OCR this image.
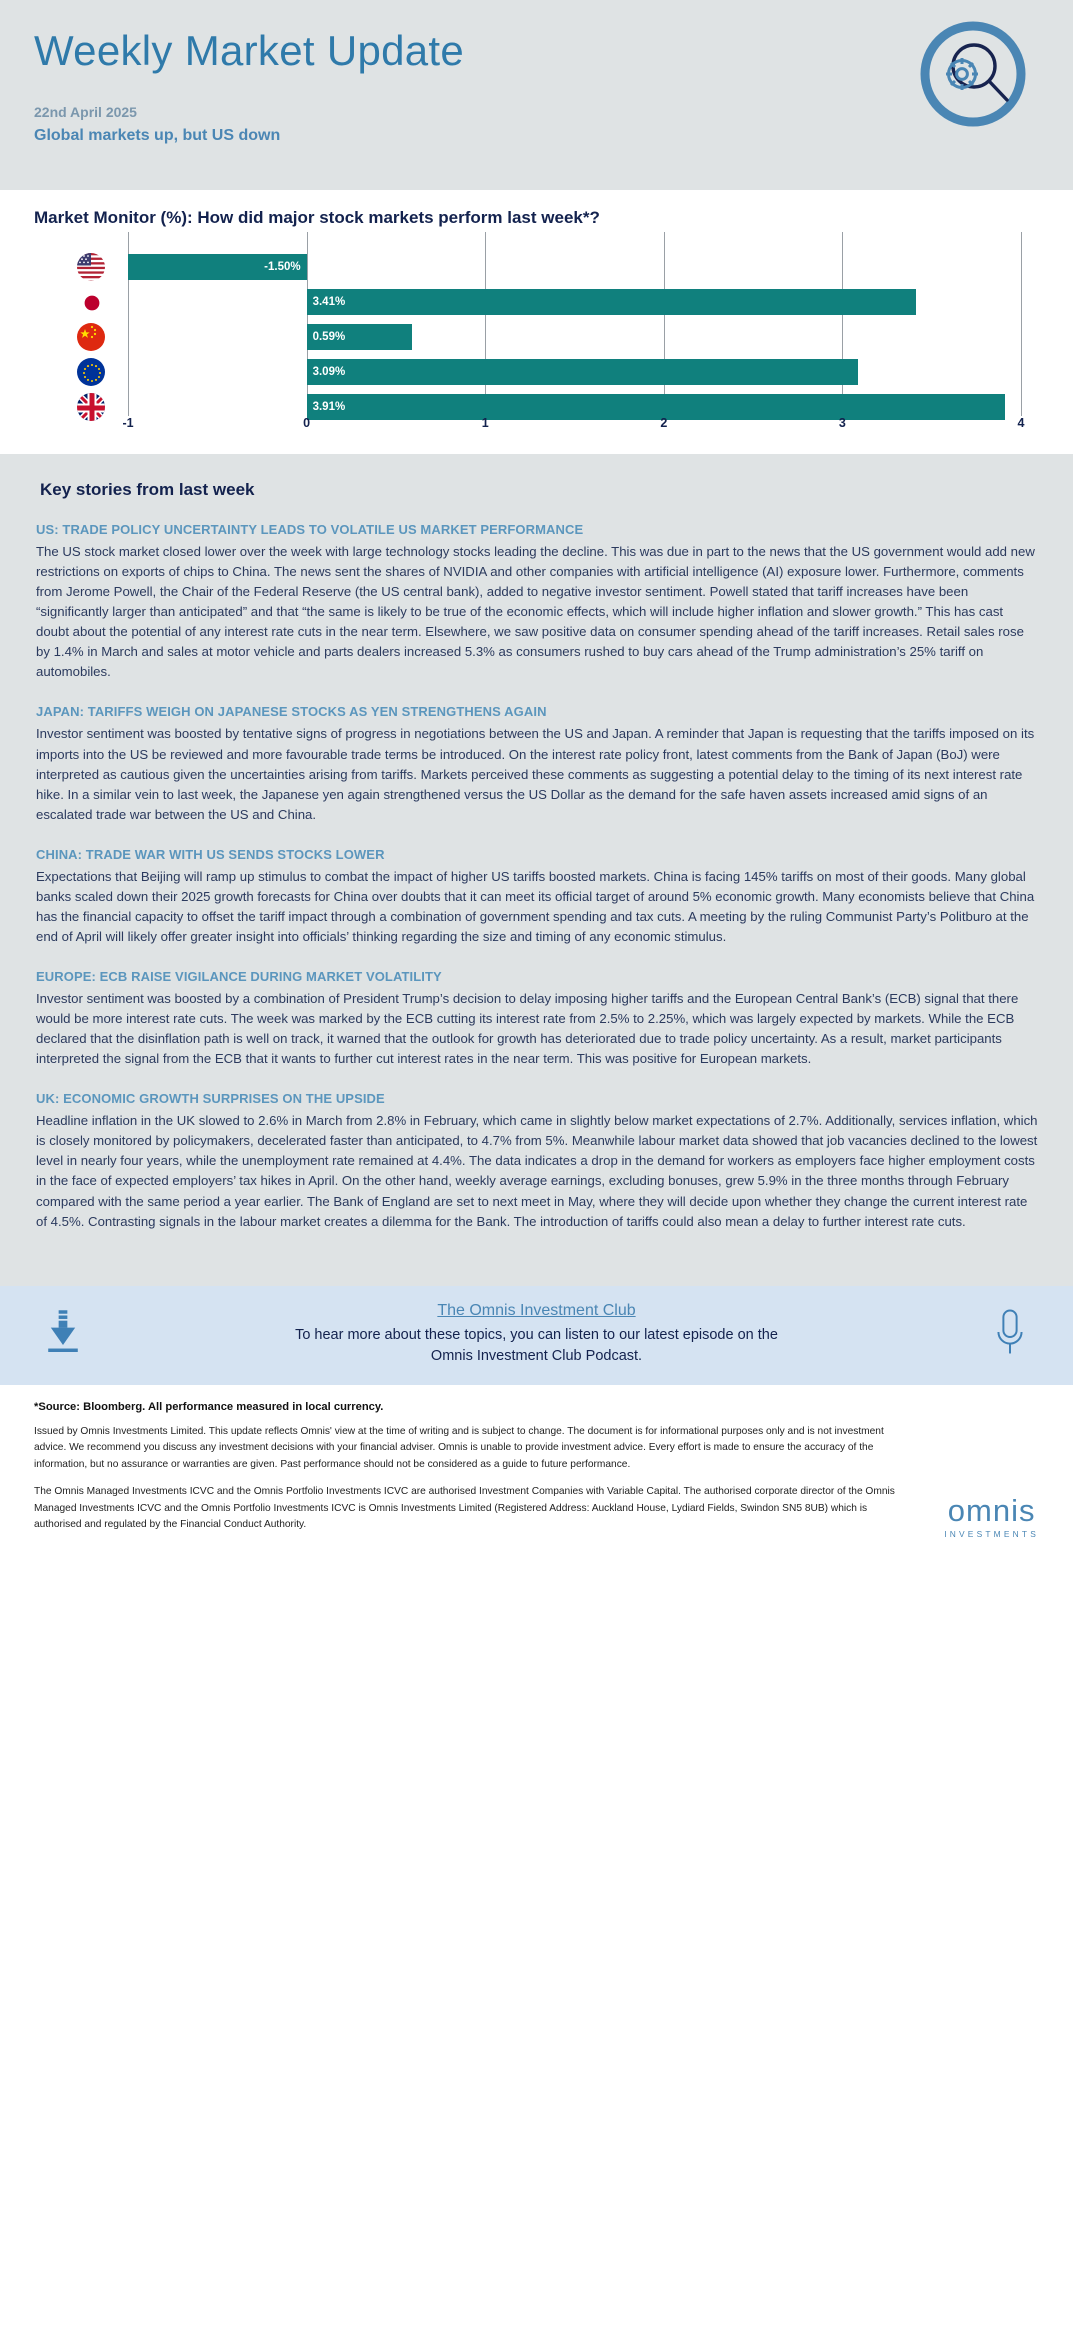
Weekly Market Update
22nd April 2025
Global markets up, but US down
Market Monitor (%): How did major stock markets perform last week*?
-1.50%
3.41%
0.59%
3.09%
3.91%
-1	0	1	2	3	4
Key stories from last week
US: TRADE POLICY UNCERTAINTY LEADS TO VOLATILE US MARKET PERFORMANCE
The US stock market closed lower over the week with large technology stocks leading the decline. This was due in part to the news that the US government would add new restrictions on exports of chips to China. The news sent the shares of NVIDIA and other companies with artificial intelligence (AI) exposure lower. Furthermore, comments from Jerome Powell, the Chair of the Federal Reserve (the US central bank), added to negative investor sentiment. Powell stated that tariff increases have been “significantly larger than anticipated” and that “the same is likely to be true of the economic effects, which will include higher inflation and slower growth.” This has cast doubt about the potential of any interest rate cuts in the near term. Elsewhere, we saw positive data on consumer spending ahead of the tariff increases. Retail sales rose by 1.4% in March and sales at motor vehicle and parts dealers increased 5.3% as consumers rushed to buy cars ahead of the Trump administration’s 25% tariff on automobiles.
JAPAN: TARIFFS WEIGH ON JAPANESE STOCKS AS YEN STRENGTHENS AGAIN
Investor sentiment was boosted by tentative signs of progress in negotiations between the US and Japan. A reminder that Japan is requesting that the tariffs imposed on its imports into the US be reviewed and more favourable trade terms be introduced. On the interest rate policy front, latest comments from the Bank of Japan (BoJ) were interpreted as cautious given the uncertainties arising from tariffs. Markets perceived these comments as suggesting a potential delay to the timing of its next interest rate hike. In a similar vein to last week, the Japanese yen again strengthened versus the US Dollar as the demand for the safe haven assets increased amid signs of an escalated trade war between the US and China.
CHINA: TRADE WAR WITH US SENDS STOCKS LOWER
Expectations that Beijing will ramp up stimulus to combat the impact of higher US tariffs boosted markets. China is facing 145% tariffs on most of their goods. Many global banks scaled down their 2025 growth forecasts for China over doubts that it can meet its official target of around 5% economic growth. Many economists believe that China has the financial capacity to offset the tariff impact through a combination of government spending and tax cuts. A meeting by the ruling Communist Party’s Politburo at the end of April will likely offer greater insight into officials’ thinking regarding the size and timing of any economic stimulus.
EUROPE: ECB RAISE VIGILANCE DURING MARKET VOLATILITY
Investor sentiment was boosted by a combination of President Trump’s decision to delay imposing higher tariffs and the European Central Bank’s (ECB) signal that there would be more interest rate cuts. The week was marked by the ECB cutting its interest rate from 2.5% to 2.25%, which was largely expected by markets. While the ECB declared that the disinflation path is well on track, it warned that the outlook for growth has deteriorated due to trade policy uncertainty. As a result, market participants interpreted the signal from the ECB that it wants to further cut interest rates in the near term. This was positive for European markets.
UK: ECONOMIC GROWTH SURPRISES ON THE UPSIDE
Headline inflation in the UK slowed to 2.6% in March from 2.8% in February, which came in slightly below market expectations of 2.7%. Additionally, services inflation, which is closely monitored by policymakers, decelerated faster than anticipated, to 4.7% from 5%. Meanwhile labour market data showed that job vacancies declined to the lowest level in nearly four years, while the unemployment rate remained at 4.4%. The data indicates a drop in the demand for workers as employers face higher employment costs in the face of expected employers’ tax hikes in April. On the other hand, weekly average earnings, excluding bonuses, grew 5.9% in the three months through February compared with the same period a year earlier. The Bank of England are set to next meet in May, where they will decide upon whether they change the current interest rate of 4.5%. Contrasting signals in the labour market creates a dilemma for the Bank. The introduction of tariffs could also mean a delay to further interest rate cuts.
The Omnis Investment Club
To hear more about these topics, you can listen to our latest episode on the
Omnis Investment Club Podcast.
*Source: Bloomberg. All performance measured in local currency.
Issued by Omnis Investments Limited. This update reflects Omnis' view at the time of writing and is subject to change. The document is for informational purposes only and is not investment advice. We recommend you discuss any investment decisions with your financial adviser. Omnis is unable to provide investment advice. Every effort is made to ensure the accuracy of the information, but no assurance or warranties are given. Past performance should not be considered as a guide to future performance.
The Omnis Managed Investments ICVC and the Omnis Portfolio Investments ICVC are authorised Investment Companies with Variable Capital. The authorised corporate director of the Omnis Managed Investments ICVC and the Omnis Portfolio Investments ICVC is Omnis Investments Limited (Registered Address: Auckland House, Lydiard Fields, Swindon SN5 8UB) which is authorised and regulated by the Financial Conduct Authority.	omnis
INVESTMENTS
